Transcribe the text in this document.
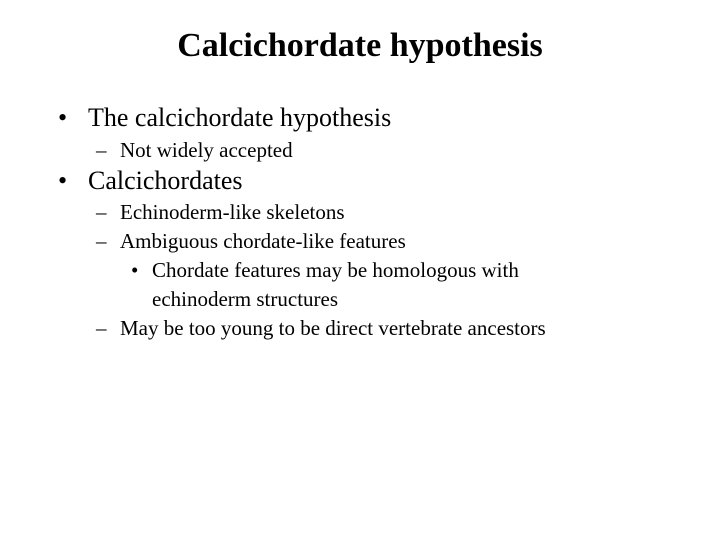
Calcichordate hypothesis
• The calcichordate hypothesis
– Not widely accepted
• Calcichordates
– Echinoderm-like skeletons
– Ambiguous chordate-like features
• Chordate features may be homologous with
echinoderm structures
– May be too young to be direct vertebrate ancestors
